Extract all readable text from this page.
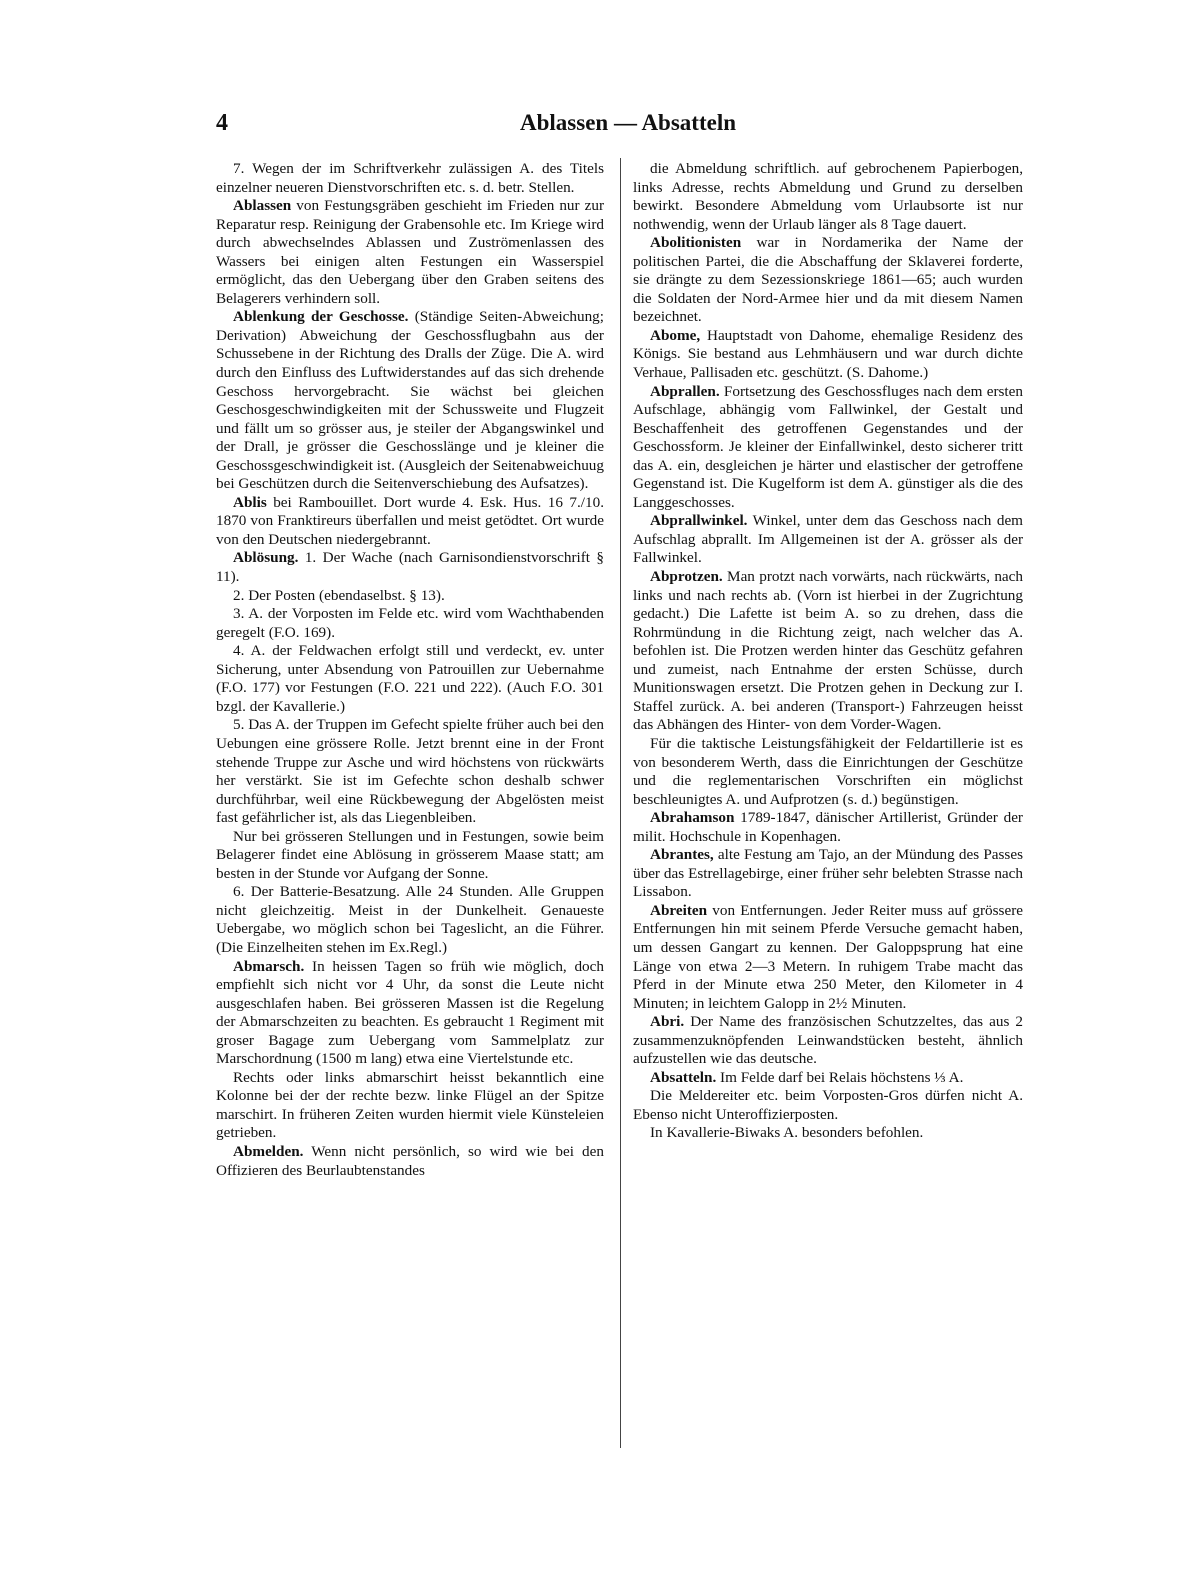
4	Ablassen — Absatteln

7. Wegen der im Schriftverkehr zulässigen A. des Titels einzelner neueren Dienstvorschriften etc. s. d. betr. Stellen.

Ablassen von Festungsgräben geschieht im Frieden nur zur Reparatur resp. Reinigung der Grabensohle etc. Im Kriege wird durch abwechselndes Ablassen und Zuströmenlassen des Wassers bei einigen alten Festungen ein Wasserspiel ermöglicht, das den Uebergang über den Graben seitens des Belagerers verhindern soll.

Ablenkung der Geschosse. (Ständige Seiten-Abweichung; Derivation) Abweichung der Geschossflugbahn aus der Schussebene in der Richtung des Dralls der Züge. Die A. wird durch den Einfluss des Luftwiderstandes auf das sich drehende Geschoss hervorgebracht. Sie wächst bei gleichen Geschosgeschwindigkeiten mit der Schussweite und Flugzeit und fällt um so grösser aus, je steiler der Abgangswinkel und der Drall, je grösser die Geschosslänge und je kleiner die Geschossgeschwindigkeit ist. (Ausgleich der Seitenabweichuug bei Geschützen durch die Seitenverschiebung des Aufsatzes).

Ablis bei Rambouillet. Dort wurde 4. Esk. Hus. 16 7./10. 1870 von Franktireurs überfallen und meist getödtet. Ort wurde von den Deutschen niedergebrannt.

Ablösung. 1. Der Wache (nach Garnisondienstvorschrift § 11).

2. Der Posten (ebendaselbst. § 13).

3. A. der Vorposten im Felde etc. wird vom Wachthabenden geregelt (F.O. 169).

4. A. der Feldwachen erfolgt still und verdeckt, ev. unter Sicherung, unter Absendung von Patrouillen zur Uebernahme (F.O. 177) vor Festungen (F.O. 221 und 222). (Auch F.O. 301 bzgl. der Kavallerie.)

5. Das A. der Truppen im Gefecht spielte früher auch bei den Uebungen eine grössere Rolle. Jetzt brennt eine in der Front stehende Truppe zur Asche und wird höchstens von rückwärts her verstärkt. Sie ist im Gefechte schon deshalb schwer durchführbar, weil eine Rückbewegung der Abgelösten meist fast gefährlicher ist, als das Liegenbleiben.

Nur bei grösseren Stellungen und in Festungen, sowie beim Belagerer findet eine Ablösung in grösserem Maase statt; am besten in der Stunde vor Aufgang der Sonne.

6. Der Batterie-Besatzung. Alle 24 Stunden. Alle Gruppen nicht gleichzeitig. Meist in der Dunkelheit. Genaueste Uebergabe, wo möglich schon bei Tageslicht, an die Führer. (Die Einzelheiten stehen im Ex.Regl.)

Abmarsch. In heissen Tagen so früh wie möglich, doch empfiehlt sich nicht vor 4 Uhr, da sonst die Leute nicht ausgeschlafen haben. Bei grösseren Massen ist die Regelung der Abmarschzeiten zu beachten. Es gebraucht 1 Regiment mit groser Bagage zum Uebergang vom Sammelplatz zur Marschordnung (1500 m lang) etwa eine Viertelstunde etc.

Rechts oder links abmarschirt heisst bekanntlich eine Kolonne bei der der rechte bezw. linke Flügel an der Spitze marschirt. In früheren Zeiten wurden hiermit viele Künsteleien getrieben.

Abmelden. Wenn nicht persönlich, so wird wie bei den Offizieren des Beurlaubtenstandes

die Abmeldung schriftlich. auf gebrochenem Papierbogen, links Adresse, rechts Abmeldung und Grund zu derselben bewirkt. Besondere Abmeldung vom Urlaubsorte ist nur nothwendig, wenn der Urlaub länger als 8 Tage dauert.

Abolitionisten war in Nordamerika der Name der politischen Partei, die die Abschaffung der Sklaverei forderte, sie drängte zu dem Sezessionskriege 1861—65; auch wurden die Soldaten der Nord-Armee hier und da mit diesem Namen bezeichnet.

Abome, Hauptstadt von Dahome, ehemalige Residenz des Königs. Sie bestand aus Lehmhäusern und war durch dichte Verhaue, Pallisaden etc. geschützt. (S. Dahome.)

Abprallen. Fortsetzung des Geschossfluges nach dem ersten Aufschlage, abhängig vom Fallwinkel, der Gestalt und Beschaffenheit des getroffenen Gegenstandes und der Geschossform. Je kleiner der Einfallwinkel, desto sicherer tritt das A. ein, desgleichen je härter und elastischer der getroffene Gegenstand ist. Die Kugelform ist dem A. günstiger als die des Langgeschosses.

Abprallwinkel. Winkel, unter dem das Geschoss nach dem Aufschlag abprallt. Im Allgemeinen ist der A. grösser als der Fallwinkel.

Abprotzen. Man protzt nach vorwärts, nach rückwärts, nach links und nach rechts ab. (Vorn ist hierbei in der Zugrichtung gedacht.) Die Lafette ist beim A. so zu drehen, dass die Rohrmündung in die Richtung zeigt, nach welcher das A. befohlen ist. Die Protzen werden hinter das Geschütz gefahren und zumeist, nach Entnahme der ersten Schüsse, durch Munitionswagen ersetzt. Die Protzen gehen in Deckung zur I. Staffel zurück. A. bei anderen (Transport-) Fahrzeugen heisst das Abhängen des Hinter- von dem Vorder-Wagen.

Für die taktische Leistungsfähigkeit der Feldartillerie ist es von besonderem Werth, dass die Einrichtungen der Geschütze und die reglementarischen Vorschriften ein möglichst beschleunigtes A. und Aufprotzen (s. d.) begünstigen.

Abrahamson 1789-1847, dänischer Artillerist, Gründer der milit. Hochschule in Kopenhagen.

Abrantes, alte Festung am Tajo, an der Mündung des Passes über das Estrellagebirge, einer früher sehr belebten Strasse nach Lissabon.

Abreiten von Entfernungen. Jeder Reiter muss auf grössere Entfernungen hin mit seinem Pferde Versuche gemacht haben, um dessen Gangart zu kennen. Der Galoppsprung hat eine Länge von etwa 2—3 Metern. In ruhigem Trabe macht das Pferd in der Minute etwa 250 Meter, den Kilometer in 4 Minuten; in leichtem Galopp in 2½ Minuten.

Abri. Der Name des französischen Schutzzeltes, das aus 2 zusammenzuknöpfenden Leinwandstücken besteht, ähnlich aufzustellen wie das deutsche.

Absatteln. Im Felde darf bei Relais höchstens ⅓ A.

Die Meldereiter etc. beim Vorposten-Gros dürfen nicht A. Ebenso nicht Unteroffizierposten.

In Kavallerie-Biwaks A. besonders befohlen.
